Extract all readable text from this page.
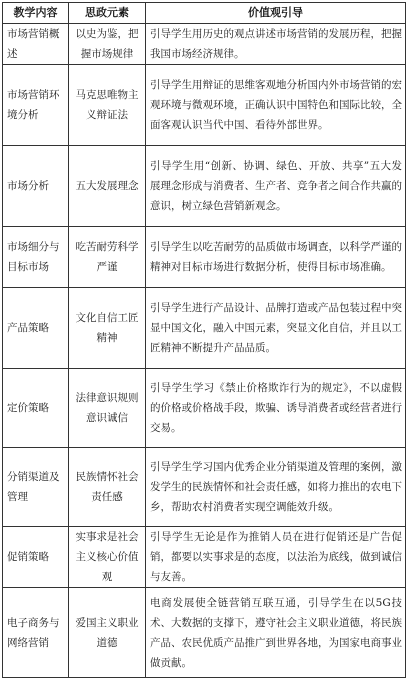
教学内容	思政元素	价值观引导
市场营销概述	以史为鉴，把握市场规律	引导学生用历史的观点讲述市场营销的发展历程，把握我国市场经济规律。
市场营销环境分析	马克思唯物主义辩证法	引导学生用辩证的思维客观地分析国内外市场营销的宏观环境与微观环境，正确认识中国特色和国际比较，全面客观认识当代中国、看待外部世界。
市场分析	五大发展理念	引导学生用“创新、协调、绿色、开放、共享”五大发展理念形成与消费者、生产者、竞争者之间合作共赢的意识，树立绿色营销新观念。
市场细分与目标市场	吃苦耐劳科学严谨	引导学生以吃苦耐劳的品质做市场调查，以科学严谨的精神对目标市场进行数据分析，使得目标市场准确。
产品策略	文化自信工匠精神	引导学生进行产品设计、品牌打造或产品包装过程中突显中国文化，融入中国元素，突显文化自信，并且以工匠精神不断提升产品品质。
定价策略	法律意识规则意识诚信	引导学生学习《禁止价格欺诈行为的规定》，不以虚假的价格或价格战手段，欺骗、诱导消费者或经营者进行交易。
分销渠道及管理	民族情怀社会责任感	引导学生学习国内优秀企业分销渠道及管理的案例，激发学生的民族情怀和社会责任感，如将力推出的农电下乡，帮助农村消费者实现空调能效升级。
促销策略	实事求是社会主义核心价值观	引导学生无论是作为推销人员在进行促销还是广告促销，都要以实事求是的态度，以法治为底线，做到诚信与友善。
电子商务与网络营销	爱国主义职业道德	电商发展使全链营销互联互通，引导学生在以5G技术、大数据的支撑下，遵守社会主义职业道德，将民族产品、农民优质产品推广到世界各地，为国家电商事业做贡献。
